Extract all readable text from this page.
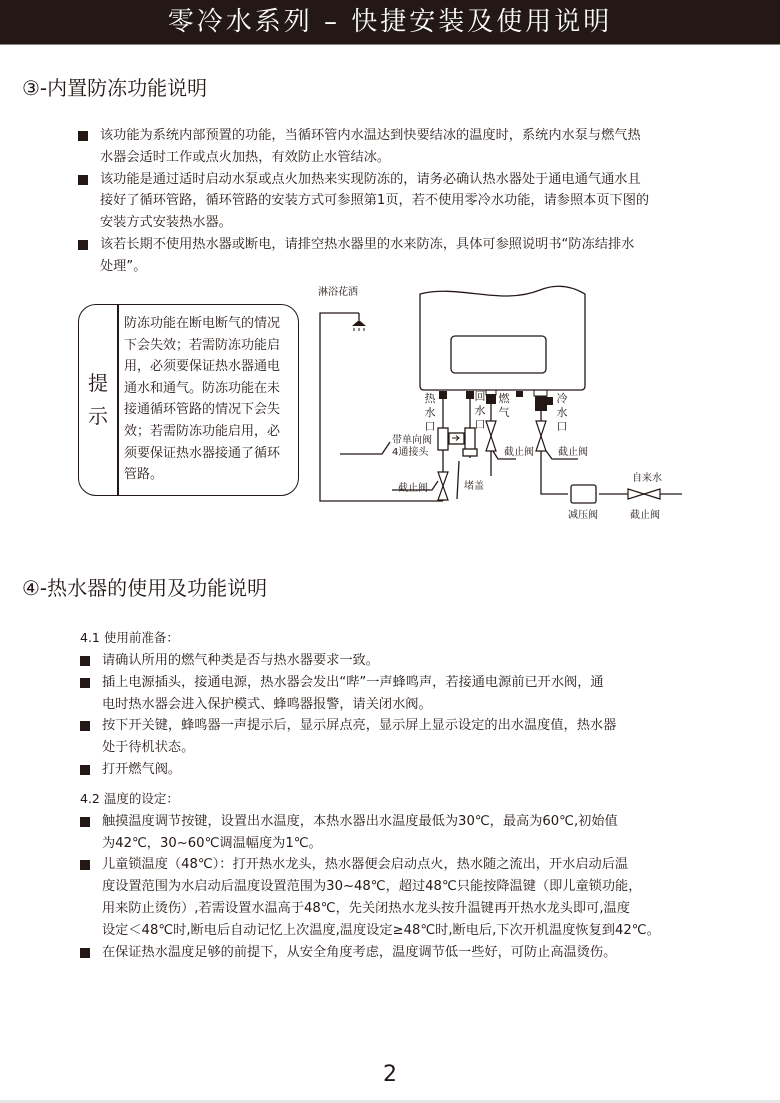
零冷水系列 – 快捷安装及使用说明
③-内置防冻功能说明
该功能为系统内部预置的功能，当循环管内水温达到快要结冰的温度时，系统内水泵与燃气热
水器会适时工作或点火加热，有效防止水管结冰。
该功能是通过适时启动水泵或点火加热来实现防冻的，请务必确认热水器处于通电通气通水且
接好了循环管路，循环管路的安装方式可参照第1页，若不使用零冷水功能，请参照本页下图的
安装方式安装热水器。
该若长期不使用热水器或断电，请排空热水器里的水来防冻，具体可参照说明书“防冻结排水
处理”。
提
示
防冻功能在断电断气的情况
下会失效；若需防冻功能启
用，必须要保证热水器通电
通水和通气。防冻功能在未
接通循环管路的情况下会失
效；若需防冻功能启用，必
须要保证热水器接通了循环
管路。
淋浴花洒
热
水
口
回
水
口
燃
气
冷
水
口
带单向阀
4通接头	截止阀 截止阀
截止阀	堵盖
自来水
减压阀	截止阀
④-热水器的使用及功能说明
4.1 使用前准备：
请确认所用的燃气种类是否与热水器要求一致。
插上电源插头，接通电源，热水器会发出“哔”一声蜂鸣声，若接通电源前已开水阀，通
电时热水器会进入保护模式、蜂鸣器报警，请关闭水阀。
按下开关键，蜂鸣器一声提示后，显示屏点亮，显示屏上显示设定的出水温度值，热水器
处于待机状态。
打开燃气阀。
4.2 温度的设定：
触摸温度调节按键，设置出水温度，本热水器出水温度最低为30℃，最高为60℃,初始值
为42℃，30~60℃调温幅度为1℃。
儿童锁温度（48℃）：打开热水龙头，热水器便会启动点火，热水随之流出，开水启动后温
度设置范围为水启动后温度设置范围为30~48℃，超过48℃只能按降温键（即儿童锁功能，
用来防止烫伤）,若需设置水温高于48℃，先关闭热水龙头按升温键再开热水龙头即可,温度
设定＜48℃时,断电后自动记忆上次温度,温度设定≥48℃时,断电后,下次开机温度恢复到42℃。
在保证热水温度足够的前提下，从安全角度考虑，温度调节低一些好，可防止高温烫伤。
2
